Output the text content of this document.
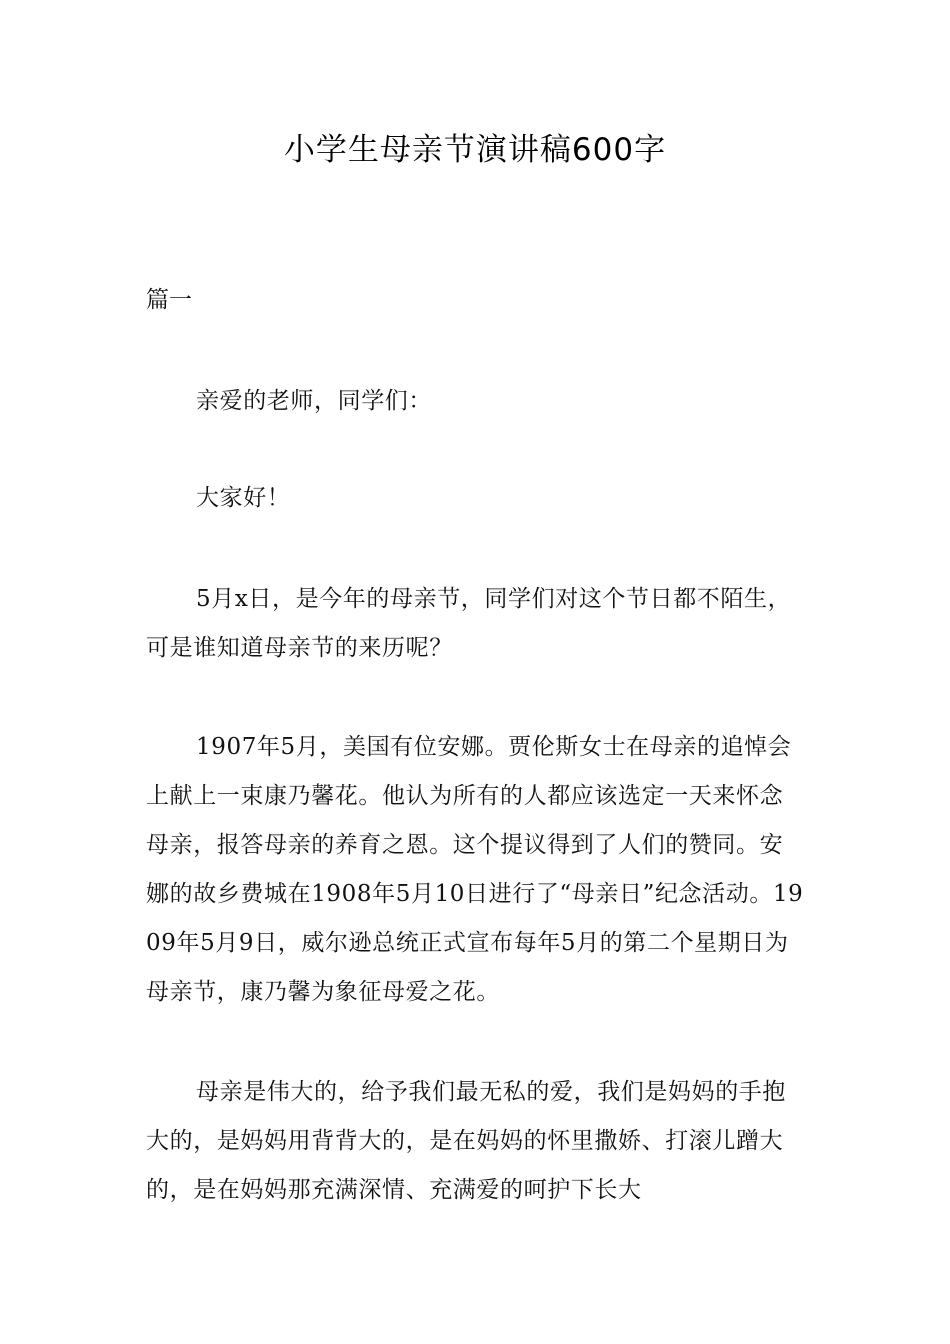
小学生母亲节演讲稿600字
篇一

亲爱的老师，同学们：

大家好！

5月x日，是今年的母亲节，同学们对这个节日都不陌生，可是谁知道母亲节的来历呢？

1907年5月，美国有位安娜。贾伦斯女士在母亲的追悼会上献上一束康乃馨花。他认为所有的人都应该选定一天来怀念母亲，报答母亲的养育之恩。这个提议得到了人们的赞同。安娜的故乡费城在1908年5月10日进行了“母亲日”纪念活动。1909年5月9日，威尔逊总统正式宣布每年5月的第二个星期日为母亲节，康乃馨为象征母爱之花。

母亲是伟大的，给予我们最无私的爱，我们是妈妈的手抱大的，是妈妈用背背大的，是在妈妈的怀里撒娇、打滚儿蹭大的，是在妈妈那充满深情、充满爱的呵护下长大
